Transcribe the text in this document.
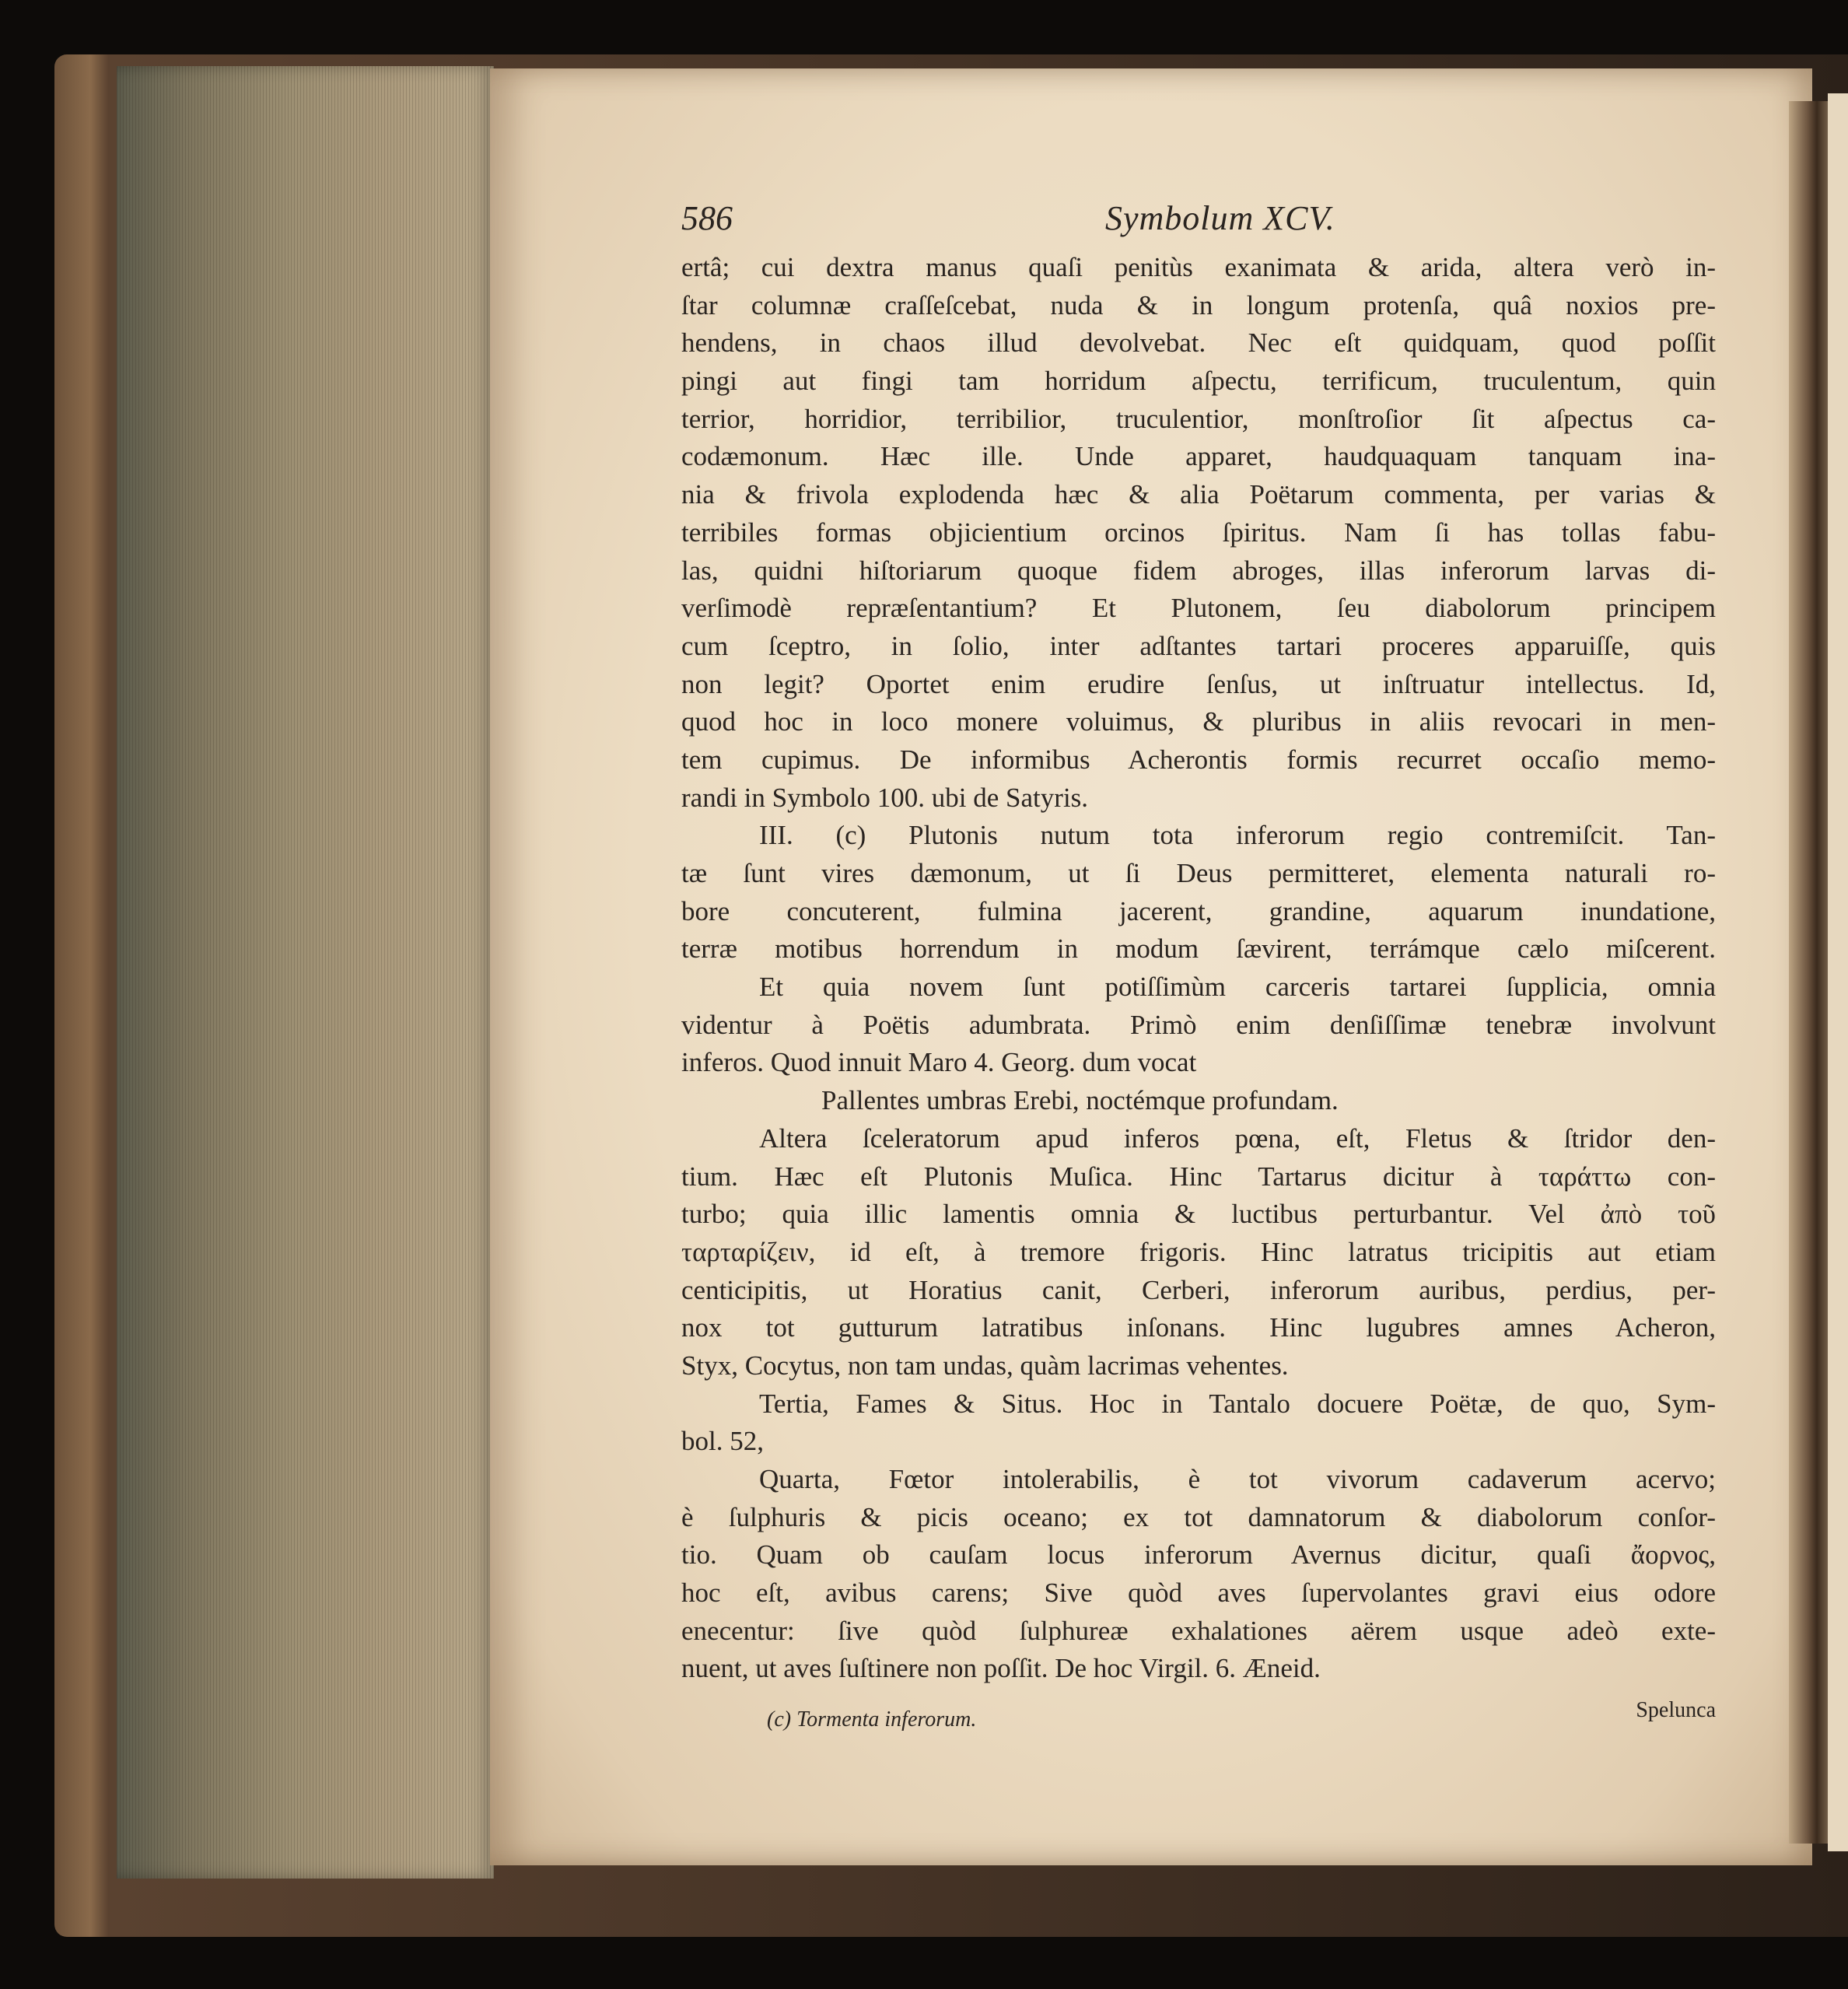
586	Symbolum XCV.
ertâ; cui dextra manus quaſi penitùs exanimata & arida, altera verò in-
ſtar columnæ craſſeſcebat, nuda & in longum protenſa, quâ noxios pre-
hendens, in chaos illud devolvebat. Nec eſt quidquam, quod poſſit
pingi aut fingi tam horridum aſpectu, terrificum, truculentum, quin
terrior, horridior, terribilior, truculentior, monſtroſior ſit aſpectus ca-
codæmonum. Hæc ille. Unde apparet, haudquaquam tanquam ina-
nia & frivola explodenda hæc & alia Poëtarum commenta, per varias &
terribiles formas objicientium orcinos ſpiritus. Nam ſi has tollas fabu-
las, quidni hiſtoriarum quoque fidem abroges, illas inferorum larvas di-
verſimodè repræſentantium? Et Plutonem, ſeu diabolorum principem
cum ſceptro, in ſolio, inter adſtantes tartari proceres apparuiſſe, quis
non legit? Oportet enim erudire ſenſus, ut inſtruatur intellectus. Id,
quod hoc in loco monere voluimus, & pluribus in aliis revocari in men-
tem cupimus. De informibus Acherontis formis recurret occaſio memo-
randi in Symbolo 100. ubi de Satyris.
III. (c) Plutonis nutum tota inferorum regio contremiſcit. Tan-
tæ ſunt vires dæmonum, ut ſi Deus permitteret, elementa naturali ro-
bore concuterent, fulmina jacerent, grandine, aquarum inundatione,
terræ motibus horrendum in modum ſævirent, terrámque cælo miſcerent.
Et quia novem ſunt potiſſimùm carceris tartarei ſupplicia, omnia
videntur à Poëtis adumbrata. Primò enim denſiſſimæ tenebræ involvunt
inferos. Quod innuit Maro 4. Georg. dum vocat
Pallentes umbras Erebi, noctémque profundam.
Altera ſceleratorum apud inferos pœna, eſt, Fletus & ſtridor den-
tium. Hæc eſt Plutonis Muſica. Hinc Tartarus dicitur à ταράττω con-
turbo; quia illic lamentis omnia & luctibus perturbantur. Vel ἀπὸ τοῦ
ταρταρίζειν, id eſt, à tremore frigoris. Hinc latratus tricipitis aut etiam
centicipitis, ut Horatius canit, Cerberi, inferorum auribus, perdius, per-
nox tot gutturum latratibus inſonans. Hinc lugubres amnes Acheron,
Styx, Cocytus, non tam undas, quàm lacrimas vehentes.
Tertia, Fames & Situs. Hoc in Tantalo docuere Poëtæ, de quo, Sym-
bol. 52,
Quarta, Fœtor intolerabilis, è tot vivorum cadaverum acervo;
è ſulphuris & picis oceano; ex tot damnatorum & diabolorum conſor-
tio. Quam ob cauſam locus inferorum Avernus dicitur, quaſi ἄορνος,
hoc eſt, avibus carens; Sive quòd aves ſupervolantes gravi eius odore
enecentur: ſive quòd ſulphureæ exhalationes aërem usque adeò exte-
nuent, ut aves ſuſtinere non poſſit. De hoc Virgil. 6. Æneid.
(c) Tormenta inferorum.	Spelunca
